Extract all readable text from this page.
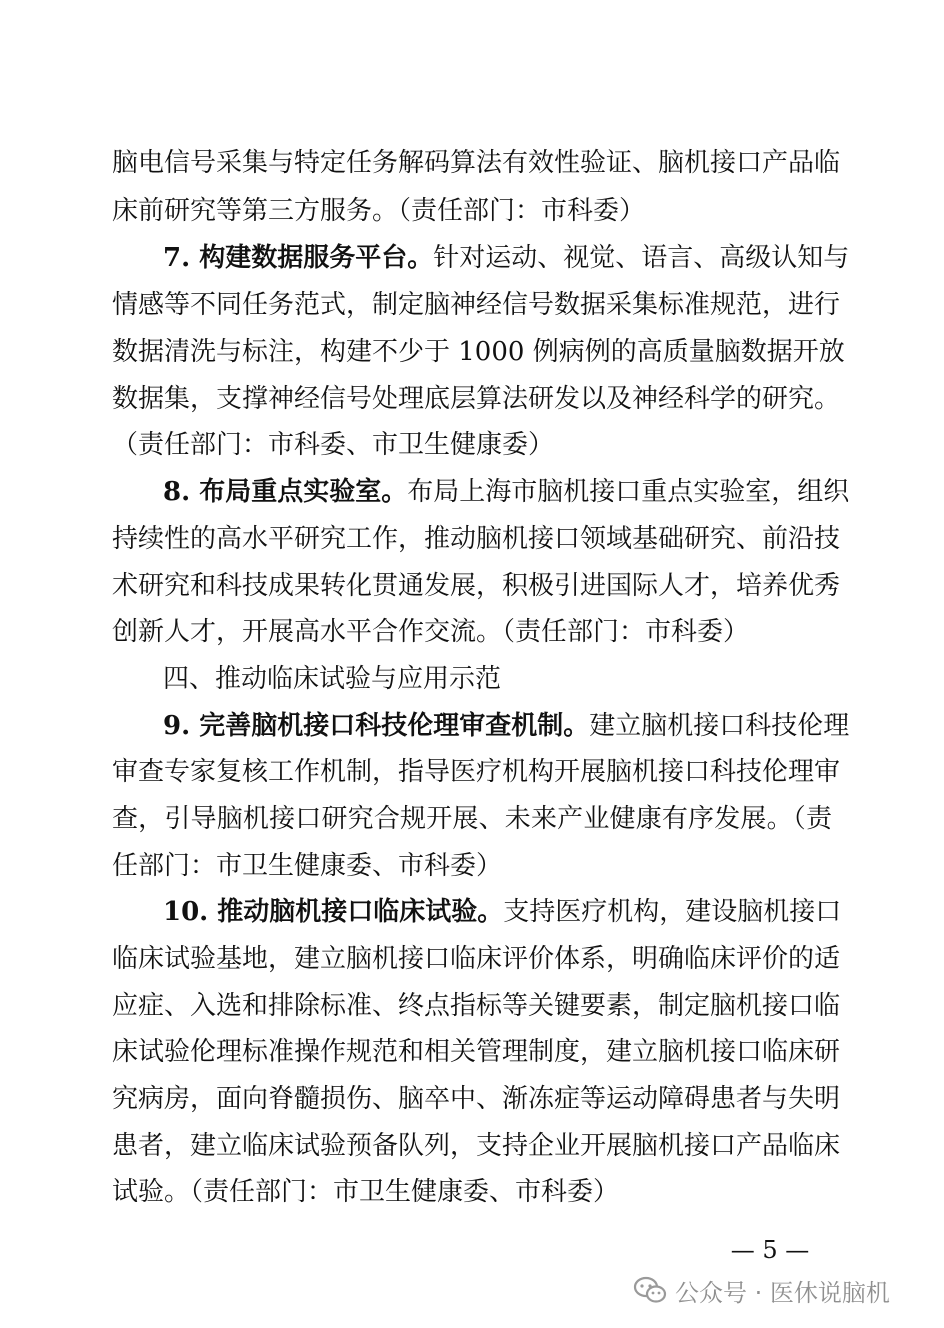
脑电信号采集与特定任务解码算法有效性验证、脑机接口产品临
床前研究等第三方服务。（责任部门：市科委）
7. 构建数据服务平台。针对运动、视觉、语言、高级认知与
情感等不同任务范式，制定脑神经信号数据采集标准规范，进行
数据清洗与标注，构建不少于 1000 例病例的高质量脑数据开放
数据集，支撑神经信号处理底层算法研发以及神经科学的研究。
（责任部门：市科委、市卫生健康委）
8. 布局重点实验室。布局上海市脑机接口重点实验室，组织
持续性的高水平研究工作，推动脑机接口领域基础研究、前沿技
术研究和科技成果转化贯通发展，积极引进国际人才，培养优秀
创新人才，开展高水平合作交流。（责任部门：市科委）
9. 完善脑机接口科技伦理审查机制。建立脑机接口科技伦理
审查专家复核工作机制，指导医疗机构开展脑机接口科技伦理审
查，引导脑机接口研究合规开展、未来产业健康有序发展。（责
任部门：市卫生健康委、市科委）
10. 推动脑机接口临床试验。支持医疗机构，建设脑机接口
临床试验基地，建立脑机接口临床评价体系，明确临床评价的适
应症、入选和排除标准、终点指标等关键要素，制定脑机接口临
床试验伦理标准操作规范和相关管理制度，建立脑机接口临床研
究病房，面向脊髓损伤、脑卒中、渐冻症等运动障碍患者与失明
患者，建立临床试验预备队列，支持企业开展脑机接口产品临床
试验。（责任部门：市卫生健康委、市科委）
四、推动临床试验与应用示范
— 5 —
公众号 · 医休说脑机
